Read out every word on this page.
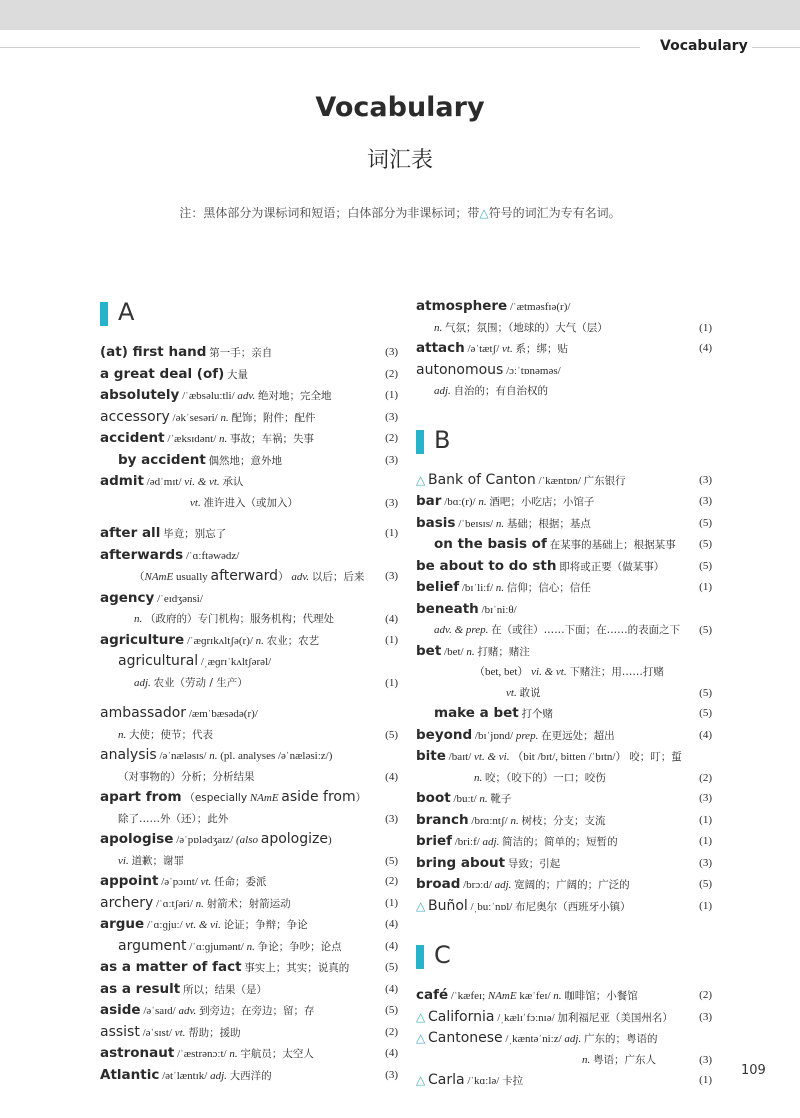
Vocabulary
Vocabulary
词汇表
注：黑体部分为课标词和短语；白体部分为非课标词；带△符号的词汇为专有名词。
A
(at) first hand 第一手；亲自	(3)
a great deal (of) 大量	(2)
absolutely /ˈæbsəluːtli/ adv. 绝对地；完全地	(1)
accessory /əkˈsesəri/ n. 配饰；附件；配件	(3)
accident /ˈæksɪdənt/ n. 事故；车祸；失事	(2)
by accident 偶然地；意外地	(3)
admit /ədˈmɪt/ vi. & vt. 承认
vt. 准许进入（或加入）	(3)
after all 毕竟；别忘了	(1)
afterwards /ˈɑːftəwədz/
（NAmE usually afterward） adv. 以后；后来 (3)
agency /ˈeɪdʒənsi/
n. （政府的）专门机构；服务机构；代理处	(4)
agriculture /ˈæɡrɪkʌltʃə(r)/ n. 农业；农艺	(1)
agricultural /ˌæɡrɪˈkʌltʃərəl/
adj. 农业（劳动 / 生产）	(1)
ambassador /æmˈbæsədə(r)/
n. 大使；使节；代表	(5)
analysis /əˈnæləsɪs/ n. (pl. analyses /əˈnæləsiːz/)
（对事物的）分析；分析结果	(4)
apart from （especially NAmE aside from）
除了……外（还）；此外	(3)
apologise /əˈpɒlədʒaɪz/ (also apologize)
vi. 道歉；谢罪	(5)
appoint /əˈpɔɪnt/ vt. 任命；委派	(2)
archery /ˈɑːtʃəri/ n. 射箭术；射箭运动	(1)
argue /ˈɑːɡjuː/ vt. & vi. 论证；争辩；争论	(4)
argument /ˈɑːɡjumənt/ n. 争论；争吵；论点	(4)
as a matter of fact 事实上；其实；说真的	(5)
as a result 所以；结果（是）	(4)
aside /əˈsaɪd/ adv. 到旁边；在旁边；留；存	(5)
assist /əˈsɪst/ vt. 帮助；援助	(2)
astronaut /ˈæstrənɔːt/ n. 宇航员；太空人	(4)
Atlantic /ətˈlæntɪk/ adj. 大西洋的	(3)
atmosphere /ˈætməsfɪə(r)/
n. 气氛；氛围；（地球的）大气（层）	(1)
attach /əˈtætʃ/ vt. 系；绑；贴	(4)
autonomous /ɔːˈtɒnəməs/
adj. 自治的；有自治权的
B
△ Bank of Canton /ˈkæntɒn/ 广东银行	(3)
bar /bɑː(r)/ n. 酒吧；小吃店；小馆子	(3)
basis /ˈbeɪsɪs/ n. 基础；根据；基点	(5)
on the basis of 在某事的基础上；根据某事 (5)
be about to do sth 即将或正要（做某事）	(5)
belief /bɪˈliːf/ n. 信仰；信心；信任	(1)
beneath /bɪˈniːθ/
adv. & prep. 在（或往）……下面；在……的表面之下 (5)
bet /bet/ n. 打赌；赌注
（bet, bet） vi. & vt. 下赌注；用……打赌
vt. 敢说	(5)
make a bet 打个赌	(5)
beyond /bɪˈjɒnd/ prep. 在更远处；超出	(4)
bite /baɪt/ vt. & vi. （bit /bɪt/, bitten /ˈbɪtn/） 咬；叮；蜇
n. 咬；（咬下的）一口；咬伤	(2)
boot /buːt/ n. 靴子	(3)
branch /brɑːntʃ/ n. 树枝；分支；支流	(1)
brief /briːf/ adj. 简洁的；简单的；短暂的	(1)
bring about 导致；引起	(3)
broad /brɔːd/ adj. 宽阔的；广阔的；广泛的	(5)
△ Buñol /ˌbuːˈnɒl/ 布尼奥尔（西班牙小镇）	(1)
C
café /ˈkæfeɪ; NAmE kæˈfeɪ/ n. 咖啡馆；小餐馆	(2)
△ California /ˌkælɪˈfɔːnɪə/ 加利福尼亚（美国州名） (3)
△ Cantonese /ˌkæntəˈniːz/ adj. 广东的；粤语的
n. 粤语；广东人	(3)
△ Carla /ˈkɑːlə/ 卡拉	(1)
109
